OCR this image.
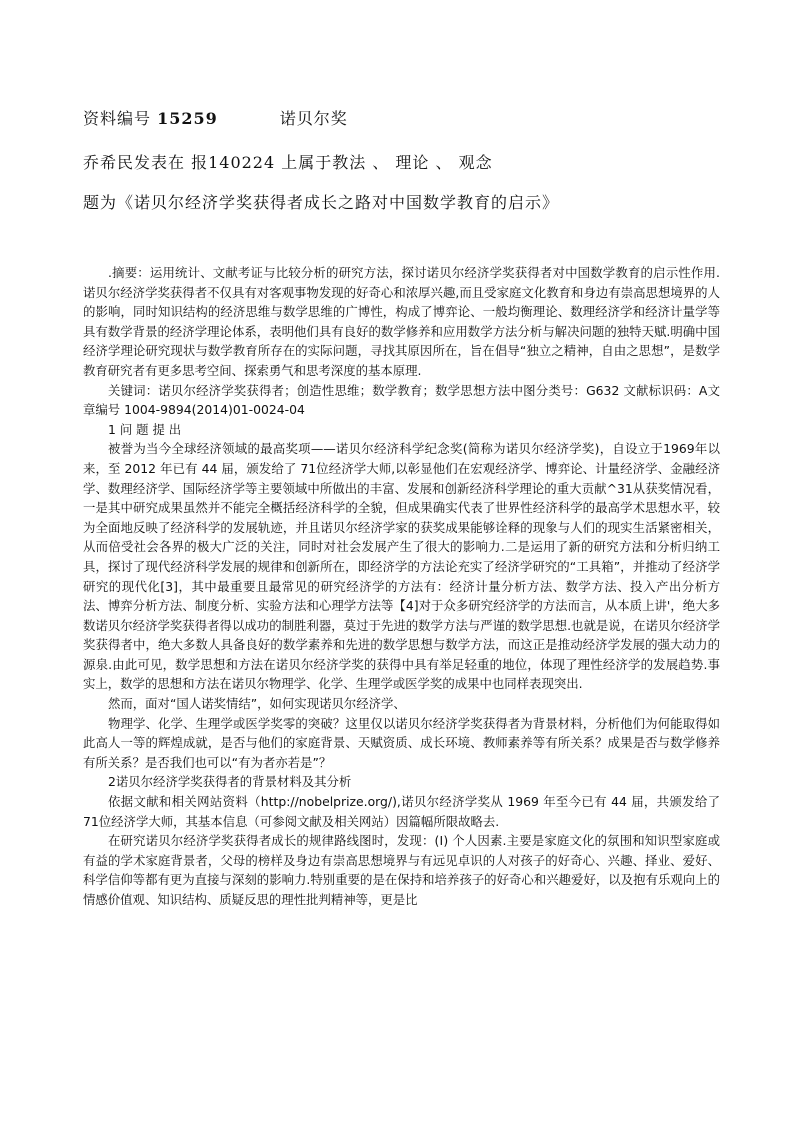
资料编号 15259	诺贝尔奖
乔希民发表在 报140224 上属于教法 、 理论 、 观念
题为《诺贝尔经济学奖获得者成长之路对中国数学教育的启示》

.摘要：运用统计、文献考证与比较分析的研究方法，探讨诺贝尔经济学奖获得者对中国数学教育的启示性作用.诺贝尔经济学奖获得者不仅具有对客观事物发现的好奇心和浓厚兴趣,而且受家庭文化教育和身边有崇高思想境界的人的影响，同时知识结构的经济思维与数学思维的广博性，构成了博弈论、一般均衡理论、数理经济学和经济计量学等具有数学背景的经济学理论体系，表明他们具有良好的数学修养和应用数学方法分析与解决问题的独特天赋.明确中国经济学理论研究现状与数学教育所存在的实际问题，寻找其原因所在，旨在倡导“独立之精神，自由之思想”，是数学教育研究者有更多思考空间、探索勇气和思考深度的基本原理.

关键词：诺贝尔经济学奖获得者；创造性思维；数学教育；数学思想方法中图分类号：G632 文献标识码：A文章编号 1004-9894(2014)01-0024-04

1 问 题 提 出

被誉为当今全球经济领域的最高奖项——诺贝尔经济科学纪念奖(简称为诺贝尔经济学奖)，自设立于1969年以来，至 2012 年已有 44 届，颁发给了 71位经济学大师,以彰显他们在宏观经济学、博弈论、计量经济学、金融经济学、数理经济学、国际经济学等主要领域中所做出的丰富、发展和创新经济科学理论的重大贡献^31从获奖情况看，一是其中研究成果虽然并不能完全概括经济科学的全貌，但成果确实代表了世界性经济科学的最高学术思想水平，较为全面地反映了经济科学的发展轨迹，并且诺贝尔经济学家的获奖成果能够诠释的现象与人们的现实生活紧密相关，从而倍受社会各界的极大广泛的关注，同时对社会发展产生了很大的影响力.二是运用了新的研究方法和分析归纳工具，探讨了现代经济科学发展的规律和创新所在，即经济学的方法论充实了经济学研究的“工具箱”，并推动了经济学研究的现代化[3]，其中最重要且最常见的研究经济学的方法有：经济计量分析方法、数学方法、投入产出分析方法、博弈分析方法、制度分析、实验方法和心理学方法等【4]对于众多研究经济学的方法而言，从本质上讲'，绝大多数诺贝尔经济学奖获得者得以成功的制胜利器，莫过于先进的数学方法与严谨的数学思想.也就是说，在诺贝尔经济学奖获得者中，绝大多数人具备良好的数学素养和先进的数学思想与数学方法，而这正是推动经济学发展的强大动力的源泉.由此可见，数学思想和方法在诺贝尔经济学奖的获得中具有举足轻重的地位，体现了理性经济学的发展趋势.事实上，数学的思想和方法在诺贝尔物理学、化学、生理学或医学奖的成果中也同样表现突出.

然而，面对“国人诺奖情结”，如何实现诺贝尔经济学、

物理学、化学、生理学或医学奖零的突破？这里仅以诺贝尔经济学奖获得者为背景材料，分析他们为何能取得如此高人一等的辉煌成就，是否与他们的家庭背景、天赋资质、成长环境、教师素养等有所关系？成果是否与数学修养有所关系？是否我们也可以“有为者亦若是”？

2诺贝尔经济学奖获得者的背景材料及其分析

依据文献和相关网站资料（http://nobelprize.org/),诺贝尔经济学奖从 1969 年至今已有 44 届，共颁发给了71位经济学大师，其基本信息（可参阅文献及相关网站）因篇幅所限故略去.

在研究诺贝尔经济学奖获得者成长的规律路线图时，发现：(Ⅰ) 个人因素.主要是家庭文化的氛围和知识型家庭或有益的学术家庭背景者，父母的榜样及身边有崇高思想境界与有远见卓识的人对孩子的好奇心、兴趣、择业、爱好、科学信仰等都有更为直接与深刻的影响力.特别重要的是在保持和培养孩子的好奇心和兴趣爱好，以及抱有乐观向上的情感价值观、知识结构、质疑反思的理性批判精神等，更是比
